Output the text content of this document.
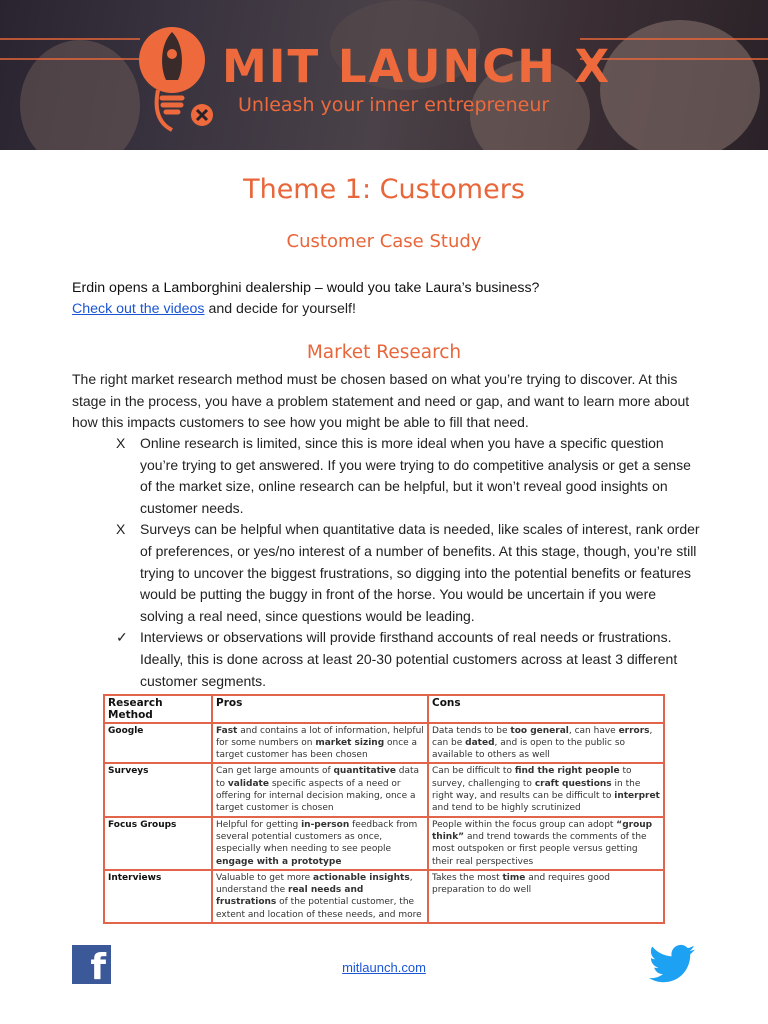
MIT LAUNCH X
Unleash your inner entrepreneur
Theme 1: Customers
Customer Case Study
Erdin opens a Lamborghini dealership – would you take Laura’s business?
Check out the videos and decide for yourself!
Market Research

The right market research method must be chosen based on what you’re trying to discover. At this stage in the process, you have a problem statement and need or gap, and want to learn more about how this impacts customers to see how you might be able to fill that need.

X	Online research is limited, since this is more ideal when you have a specific question you’re trying to get answered. If you were trying to do competitive analysis or get a sense of the market size, online research can be helpful, but it won’t reveal good insights on customer needs.
X	Surveys can be helpful when quantitative data is needed, like scales of interest, rank order of preferences, or yes/no interest of a number of benefits. At this stage, though, you’re still trying to uncover the biggest frustrations, so digging into the potential benefits or features would be putting the buggy in front of the horse. You would be uncertain if you were solving a real need, since questions would be leading.
✓ Interviews or observations will provide firsthand accounts of real needs or frustrations. Ideally, this is done across at least 20-30 potential customers across at least 3 different customer segments.
Research Method	Pros	Cons
Google	Fast and contains a lot of information, helpful for some numbers on market sizing once a target customer has been chosen	Data tends to be too general, can have errors, can be dated, and is open to the public so available to others as well
Surveys	Can get large amounts of quantitative data to validate specific aspects of a need or offering for internal decision making, once a target customer is chosen	Can be difficult to find the right people to survey, challenging to craft questions in the right way, and results can be difficult to interpret and tend to be highly scrutinized
Focus Groups	Helpful for getting in-person feedback from several potential customers as once, especially when needing to see people engage with a prototype	People within the focus group can adopt “group think” and trend towards the comments of the most outspoken or first people versus getting their real perspectives
Interviews	Valuable to get more actionable insights, understand the real needs and frustrations of the potential customer, the extent and location of these needs, and more	Takes the most time and requires good preparation to do well
f	mitlaunch.com
